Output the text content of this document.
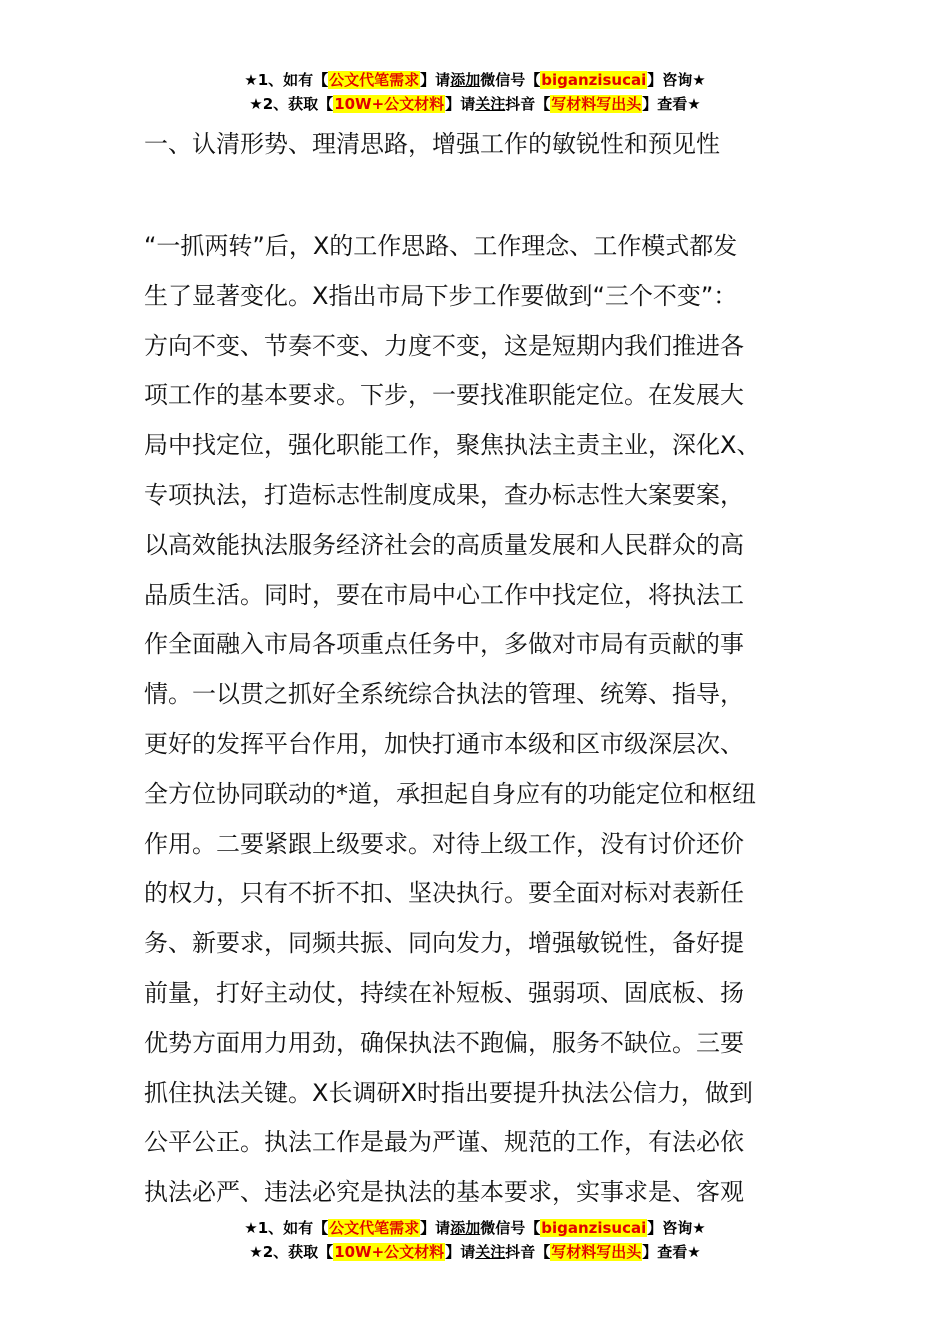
★1、如有【公文代笔需求】请添加微信号【biganzisucai】咨询★
★2、获取【10W+公文材料】请关注抖音【写材料写出头】查看★
一、认清形势、理清思路，增强工作的敏锐性和预见性
“一抓两转”后，X的工作思路、工作理念、工作模式都发
生了显著变化。X指出市局下步工作要做到“三个不变”：
方向不变、节奏不变、力度不变，这是短期内我们推进各
项工作的基本要求。下步，一要找准职能定位。在发展大
局中找定位，强化职能工作，聚焦执法主责主业，深化X、
专项执法，打造标志性制度成果，查办标志性大案要案，
以高效能执法服务经济社会的高质量发展和人民群众的高
品质生活。同时，要在市局中心工作中找定位，将执法工
作全面融入市局各项重点任务中，多做对市局有贡献的事
情。一以贯之抓好全系统综合执法的管理、统筹、指导，
更好的发挥平台作用，加快打通市本级和区市级深层次、
全方位协同联动的*道，承担起自身应有的功能定位和枢纽
作用。二要紧跟上级要求。对待上级工作，没有讨价还价
的权力，只有不折不扣、坚决执行。要全面对标对表新任
务、新要求，同频共振、同向发力，增强敏锐性，备好提
前量，打好主动仗，持续在补短板、强弱项、固底板、扬
优势方面用力用劲，确保执法不跑偏，服务不缺位。三要
抓住执法关键。X长调研X时指出要提升执法公信力，做到
公平公正。执法工作是最为严谨、规范的工作，有法必依
执法必严、违法必究是执法的基本要求，实事求是、客观
★1、如有【公文代笔需求】请添加微信号【biganzisucai】咨询★
★2、获取【10W+公文材料】请关注抖音【写材料写出头】查看★
